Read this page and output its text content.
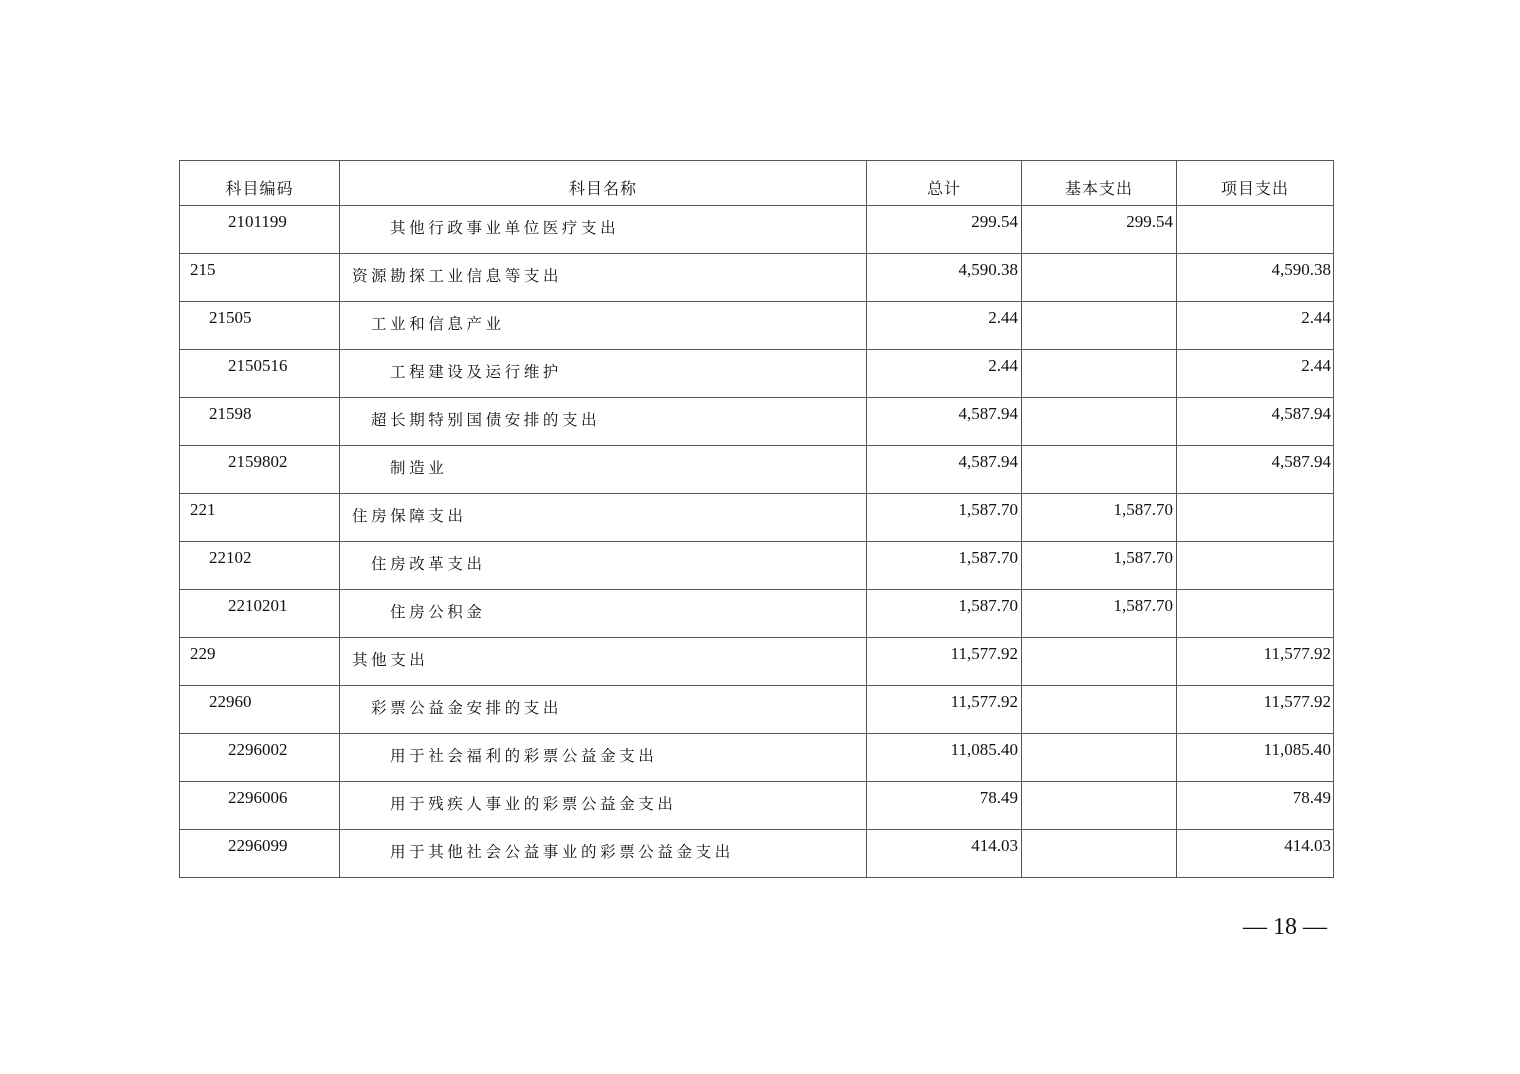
科目编码	科目名称	总计	基本支出	项目支出
2101199	其他行政事业单位医疗支出	299.54	299.54	
215	资源勘探工业信息等支出	4,590.38		4,590.38
21505	工业和信息产业	2.44		2.44
2150516	工程建设及运行维护	2.44		2.44
21598	超长期特别国债安排的支出	4,587.94		4,587.94
2159802	制造业	4,587.94		4,587.94
221	住房保障支出	1,587.70	1,587.70	
22102	住房改革支出	1,587.70	1,587.70	
2210201	住房公积金	1,587.70	1,587.70	
229	其他支出	11,577.92		11,577.92
22960	彩票公益金安排的支出	11,577.92		11,577.92
2296002	用于社会福利的彩票公益金支出	11,085.40		11,085.40
2296006	用于残疾人事业的彩票公益金支出	78.49		78.49
2296099	用于其他社会公益事业的彩票公益金支出	414.03		414.03
— 18 —
